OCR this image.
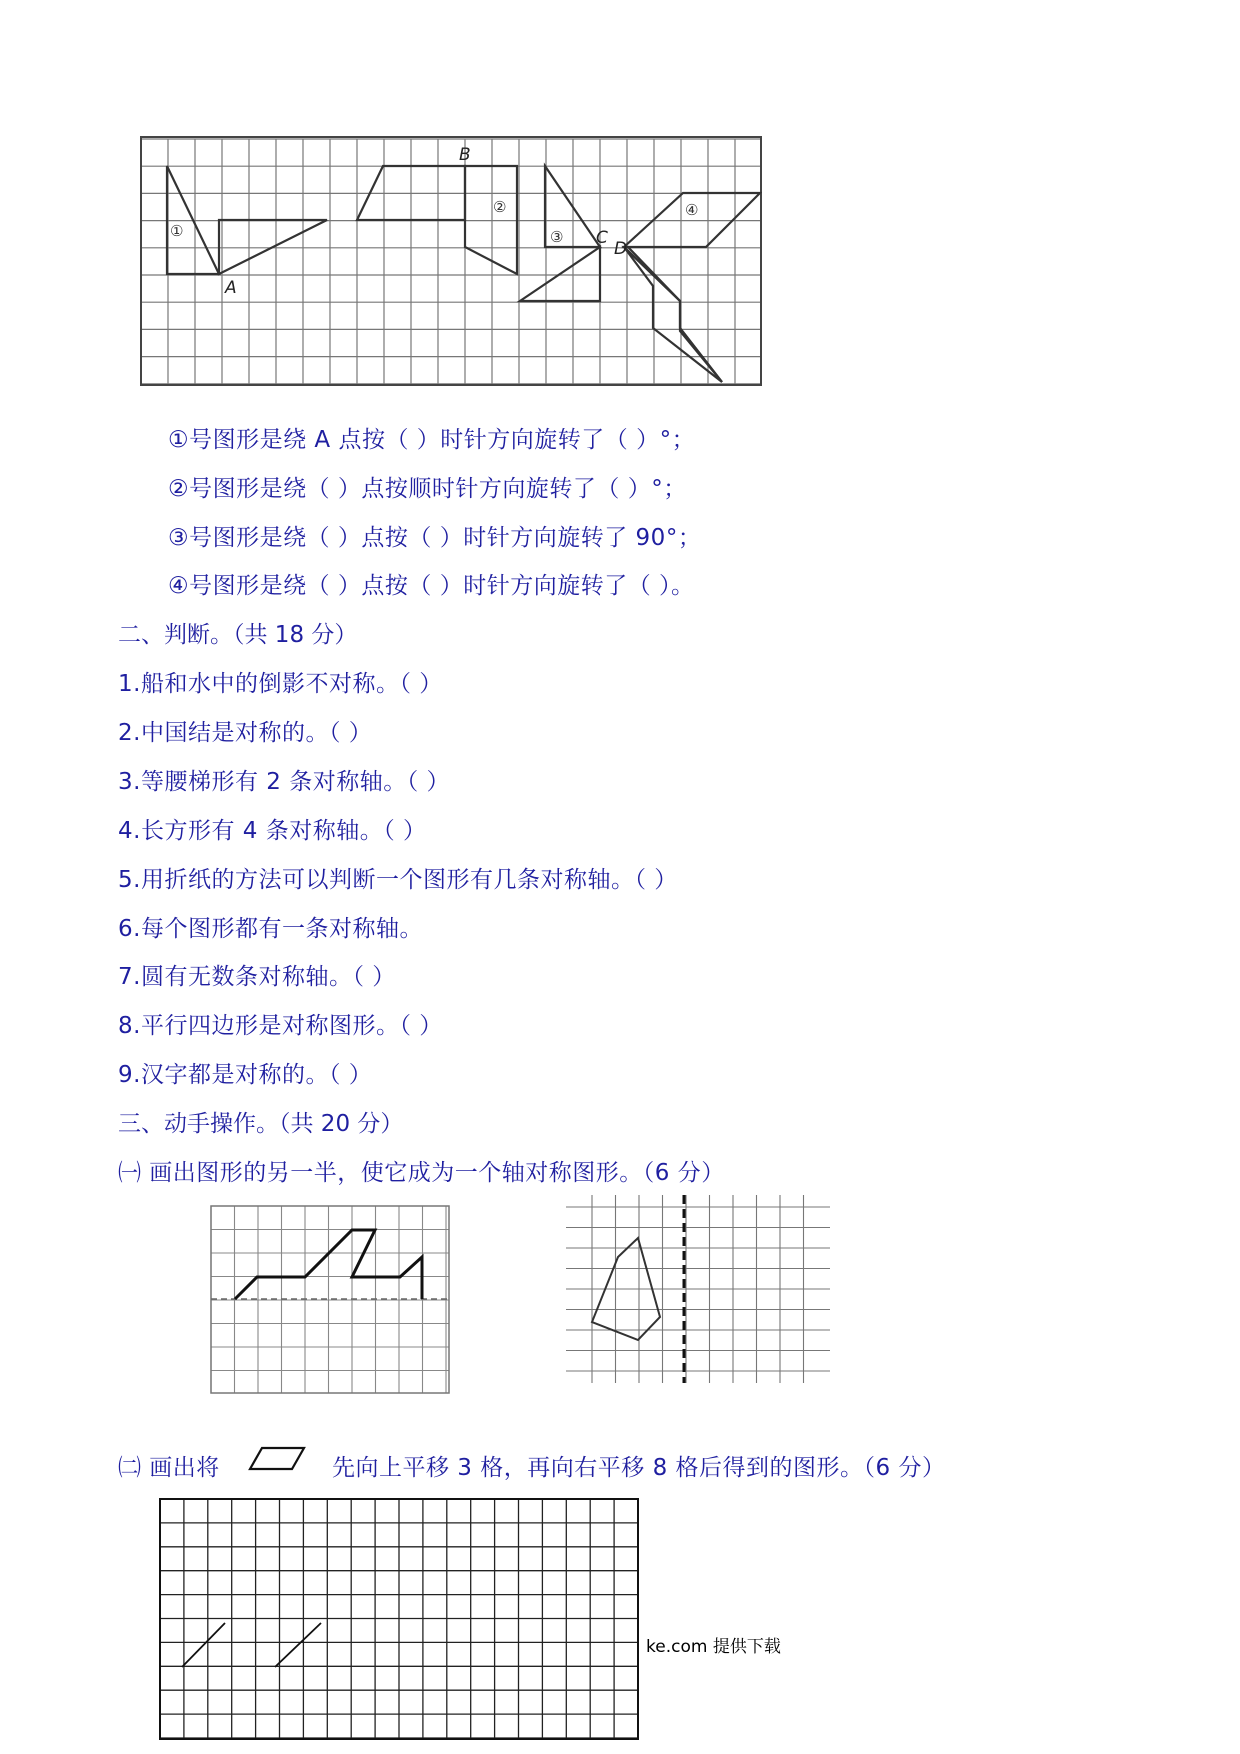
A
B
C
D
①
②
③
④
①号图形是绕 A 点按（ ）时针方向旋转了（ ）°；
②号图形是绕（ ）点按顺时针方向旋转了（ ）°；
③号图形是绕（ ）点按（ ）时针方向旋转了 90°；
④号图形是绕（ ）点按（ ）时针方向旋转了（ ）。
二、判断。（共 18 分）
1.船和水中的倒影不对称。（ ）
2.中国结是对称的。（ ）
3.等腰梯形有 2 条对称轴。（ ）
4.长方形有 4 条对称轴。（ ）
5.用折纸的方法可以判断一个图形有几条对称轴。（ ）
6.每个图形都有一条对称轴。
7.圆有无数条对称轴。（ ）
8.平行四边形是对称图形。（ ）
9.汉字都是对称的。（ ）
三、动手操作。（共 20 分）
㈠ 画出图形的另一半，使它成为一个轴对称图形。（6 分）
㈡ 画出将	先向上平移 3 格，再向右平移 8 格后得到的图形。（6 分）
ke.com 提供下载
